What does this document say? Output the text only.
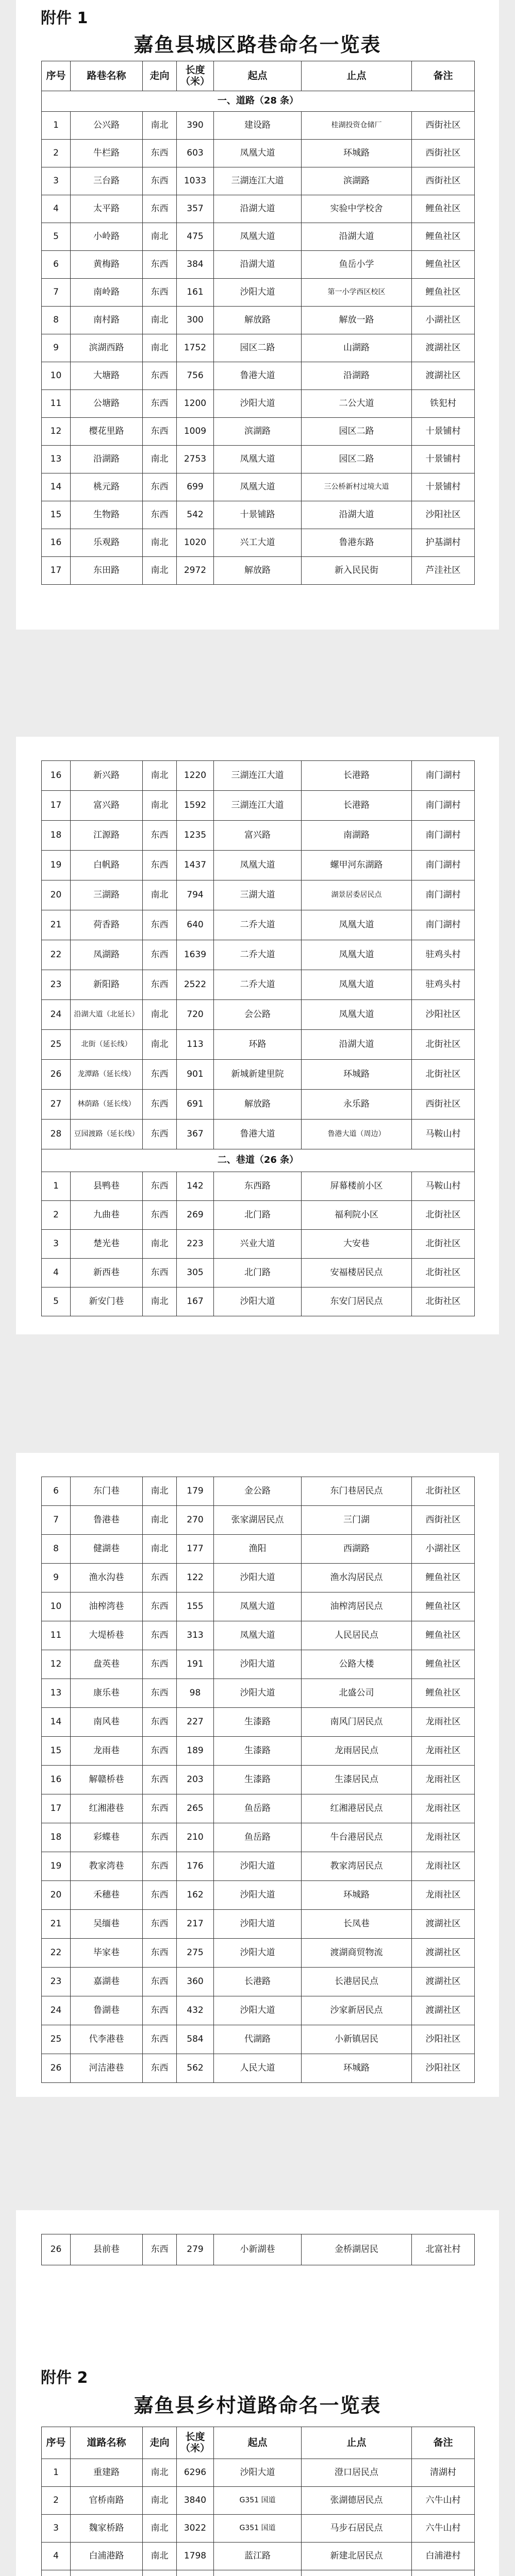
附件 1
嘉鱼县城区路巷命名一览表
序号	路巷名称	走向	长度（米）	起点	止点	备注
一、道路（28 条）						
1	公兴路	南北	390	建设路	桂湖投资仓储厂	西街社区
2	牛栏路	东西	603	凤凰大道	环城路	西街社区
3	三台路	东西	1033	三湖连江大道	滨湖路	西街社区
4	太平路	东西	357	沿湖大道	实验中学校舍	鲤鱼社区
5	小岭路	南北	475	凤凰大道	沿湖大道	鲤鱼社区
6	黄梅路	东西	384	沿湖大道	鱼岳小学	鲤鱼社区
7	南岭路	东西	161	沙阳大道	第一小学西区校区	鲤鱼社区
8	南村路	南北	300	解放路	解放一路	小湖社区
9	滨湖西路	南北	1752	园区二路	山湖路	渡湖社区
10	大塘路	东西	756	鲁港大道	沿湖路	渡湖社区
11	公塘路	东西	1200	沙阳大道	二公大道	铁犯村
12	樱花里路	东西	1009	滨湖路	园区二路	十景铺村
13	沿湖路	南北	2753	凤凰大道	园区二路	十景铺村
14	桃元路	东西	699	凤凰大道	三公桥新村过境大道	十景铺村
15	生物路	东西	542	十景铺路	沿湖大道	沙阳社区
16	乐观路	南北	1020	兴工大道	鲁港东路	护基湖村
17	东田路	南北	2972	解放路	新入民民街	芦洼社区
16	新兴路	南北	1220	三湖连江大道	长港路	南门湖村
17	富兴路	南北	1592	三湖连江大道	长港路	南门湖村
18	江源路	东西	1235	富兴路	南湖路	南门湖村
19	白帆路	东西	1437	凤凰大道	螺甲河东湖路	南门湖村
20	三湖路	南北	794	三湖大道	湖景居委居民点	南门湖村
21	荷香路	东西	640	二乔大道	凤凰大道	南门湖村
22	凤湖路	东西	1639	二乔大道	凤凰大道	驻鸡头村
23	新阳路	东西	2522	二乔大道	凤凰大道	驻鸡头村
24	沿湖大道（北延长）	南北	720	会公路	凤凰大道	沙阳社区
25	北街（延长线）	南北	113	环路	沿湖大道	北街社区
26	龙潭路（延长线）	东西	901	新城新建里院	环城路	北街社区
27	林荫路（延长线）	东西	691	解放路	永乐路	西街社区
28	豆园渡路（延长线）	东西	367	鲁港大道	鲁港大道（周边）	马鞍山村
二、巷道（26 条）						
1	县鸭巷	东西	142	东西路	屏幕楼前小区	马鞍山村
2	九曲巷	东西	269	北门路	福利院小区	北街社区
3	楚光巷	南北	223	兴业大道	大安巷	北街社区
4	新西巷	东西	305	北门路	安福楼居民点	北街社区
5	新安门巷	南北	167	沙阳大道	东安门居民点	北街社区
6	东门巷	南北	179	金公路	东门巷居民点	北街社区
7	鲁港巷	南北	270	张家湖居民点	三门湖	西街社区
8	健湖巷	南北	177	渔阳	西湖路	小湖社区
9	渔水沟巷	东西	122	沙阳大道	渔水沟居民点	鲤鱼社区
10	油榨湾巷	东西	155	凤凰大道	油榨湾居民点	鲤鱼社区
11	大堤桥巷	东西	313	凤凰大道	人民居民点	鲤鱼社区
12	盘英巷	东西	191	沙阳大道	公路大楼	鲤鱼社区
13	康乐巷	东西	98	沙阳大道	北盛公司	鲤鱼社区
14	南风巷	东西	227	生漆路	南风门居民点	龙雨社区
15	龙雨巷	东西	189	生漆路	龙雨居民点	龙雨社区
16	解赣桥巷	东西	203	生漆路	生漆居民点	龙雨社区
17	红湘港巷	东西	265	鱼岳路	红湘港居民点	龙雨社区
18	彩蝶巷	东西	210	鱼岳路	牛台港居民点	龙雨社区
19	教家湾巷	东西	176	沙阳大道	教家湾居民点	龙雨社区
20	禾穗巷	东西	162	沙阳大道	环城路	龙雨社区
21	吴缅巷	东西	217	沙阳大道	长凤巷	渡湖社区
22	毕家巷	东西	275	沙阳大道	渡湖商贸物流	渡湖社区
23	嘉湖巷	东西	360	长港路	长港居民点	渡湖社区
24	鲁湖巷	东西	432	沙阳大道	沙家新居民点	渡湖社区
25	代李港巷	东西	584	代湖路	小新镇居民	沙阳社区
26	河洁港巷	东西	562	人民大道	环城路	沙阳社区
26	县前巷	东西	279	小新湖巷	金桥湖居民	北富社村
附件 2
嘉鱼县乡村道路命名一览表
序号	道路名称	走向	长度（米）	起点	止点	备注
1	重建路	南北	6296	沙阳大道	澄口居民点	清湖村
2	官桥南路	南北	3840	G351 国道	张湖德居民点	六牛山村
3	魏家桥路	南北	3022	G351 国道	马步石居民点	六牛山村
4	白浦港路	南北	1798	蓝江路	新建北居民点	白浦港村
